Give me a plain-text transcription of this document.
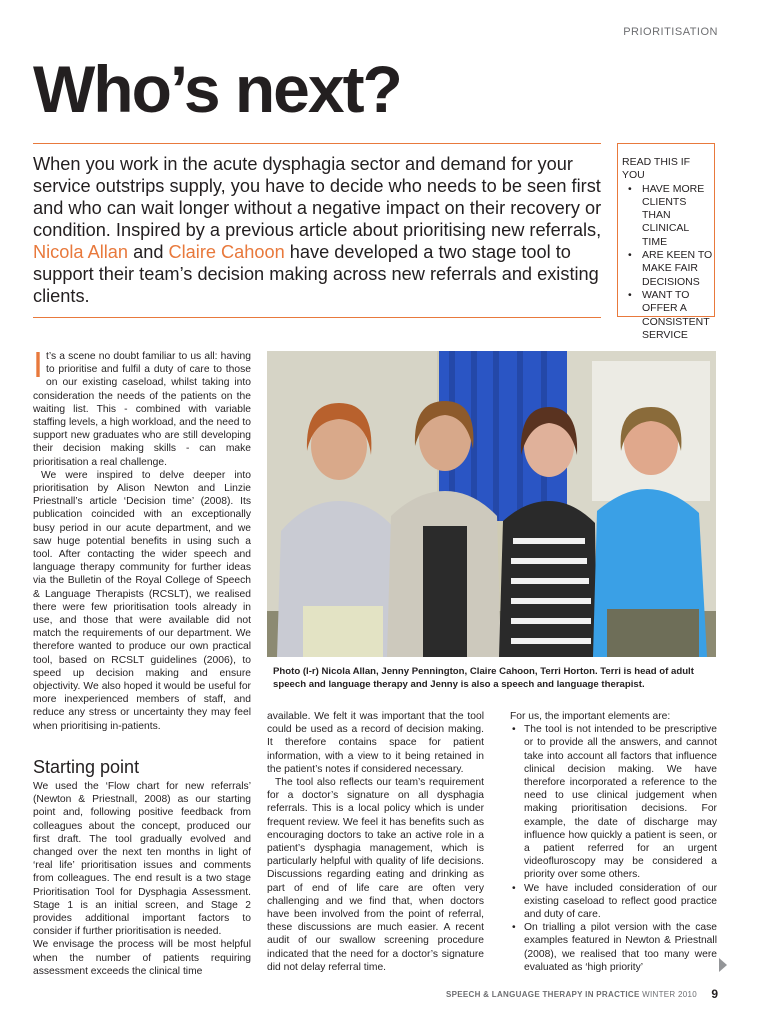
PRIORITISATION
Who’s next?
When you work in the acute dysphagia sector and demand for your service outstrips supply, you have to decide who needs to be seen first and who can wait longer without a negative impact on their recovery or condition. Inspired by a previous article about prioritising new referrals, Nicola Allan and Claire Cahoon have developed a two stage tool to support their team’s decision making across new referrals and existing clients.
READ THIS IF YOU
• HAVE MORE CLIENTS THAN CLINICAL TIME
• ARE KEEN TO MAKE FAIR DECISIONS
• WANT TO OFFER A CONSISTENT SERVICE

It’s a scene no doubt familiar to us all: having to prioritise and fulfil a duty of care to those on our existing caseload, whilst taking into consideration the needs of the patients on the waiting list. This - combined with variable staffing levels, a high workload, and the need to support new graduates who are still developing their decision making skills - can make prioritisation a real challenge.

We were inspired to delve deeper into prioritisation by Alison Newton and Linzie Priestnall’s article ‘Decision time’ (2008). Its publication coincided with an exceptionally busy period in our acute department, and we saw huge potential benefits in using such a tool. After contacting the wider speech and language therapy community for further ideas via the Bulletin of the Royal College of Speech & Language Therapists (RCSLT), we realised there were few prioritisation tools already in use, and those that were available did not match the requirements of our department. We therefore wanted to produce our own practical tool, based on RCSLT guidelines (2006), to speed up decision making and ensure objectivity. We also hoped it would be useful for more inexperienced members of staff, and reduce any stress or uncertainty they may feel when prioritising in-patients.

Starting point

We used the ‘Flow chart for new referrals’ (Newton & Priestnall, 2008) as our starting point and, following positive feedback from colleagues about the concept, produced our first draft. The tool gradually evolved and changed over the next ten months in light of ‘real life’ prioritisation issues and comments from colleagues. The end result is a two stage Prioritisation Tool for Dysphagia Assessment. Stage 1 is an initial screen, and Stage 2 provides additional important factors to consider if further prioritisation is needed.

We envisage the process will be most helpful when the number of patients requiring assessment exceeds the clinical time

Photo (l-r) Nicola Allan, Jenny Pennington, Claire Cahoon, Terri Horton. Terri is head of adult speech and language therapy and Jenny is also a speech and language therapist.

available. We felt it was important that the tool could be used as a record of decision making. It therefore contains space for patient information, with a view to it being retained in the patient’s notes if considered necessary.

The tool also reflects our team’s requirement for a doctor’s signature on all dysphagia referrals. This is a local policy which is under frequent review. We feel it has benefits such as encouraging doctors to take an active role in a patient’s dysphagia management, which is particularly helpful with quality of life decisions. Discussions regarding eating and drinking as part of end of life care are often very challenging and we find that, when doctors have been involved from the point of referral, these discussions are much easier. A recent audit of our swallow screening procedure indicated that the need for a doctor’s signature did not delay referral time.

For us, the important elements are:

• The tool is not intended to be prescriptive or to provide all the answers, and cannot take into account all factors that influence clinical decision making. We have therefore incorporated a reference to the need to use clinical judgement when making prioritisation decisions. For example, the date of discharge may influence how quickly a patient is seen, or a patient referred for an urgent videofluroscopy may be considered a priority over some others.
• We have included consideration of our existing caseload to reflect good practice and duty of care.
• On trialling a pilot version with the case examples featured in Newton & Priestnall (2008), we realised that too many were evaluated as ‘high priority’
SPEECH & LANGUAGE THERAPY IN PRACTICE WINTER 2010 9
